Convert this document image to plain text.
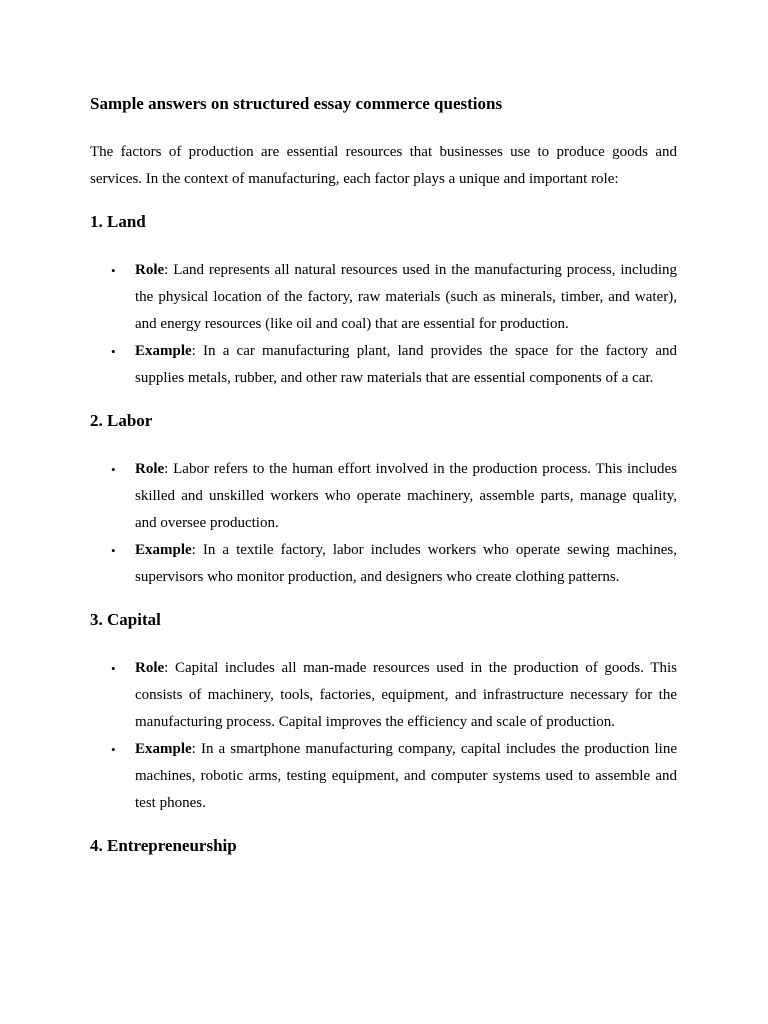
Sample answers on structured essay commerce questions

The factors of production are essential resources that businesses use to produce goods and services. In the context of manufacturing, each factor plays a unique and important role:

1. Land
• Role: Land represents all natural resources used in the manufacturing process, including the physical location of the factory, raw materials (such as minerals, timber, and water), and energy resources (like oil and coal) that are essential for production.
• Example: In a car manufacturing plant, land provides the space for the factory and supplies metals, rubber, and other raw materials that are essential components of a car.
2. Labor
• Role: Labor refers to the human effort involved in the production process. This includes skilled and unskilled workers who operate machinery, assemble parts, manage quality, and oversee production.
• Example: In a textile factory, labor includes workers who operate sewing machines, supervisors who monitor production, and designers who create clothing patterns.
3. Capital
• Role: Capital includes all man-made resources used in the production of goods. This consists of machinery, tools, factories, equipment, and infrastructure necessary for the manufacturing process. Capital improves the efficiency and scale of production.
• Example: In a smartphone manufacturing company, capital includes the production line machines, robotic arms, testing equipment, and computer systems used to assemble and test phones.
4. Entrepreneurship
